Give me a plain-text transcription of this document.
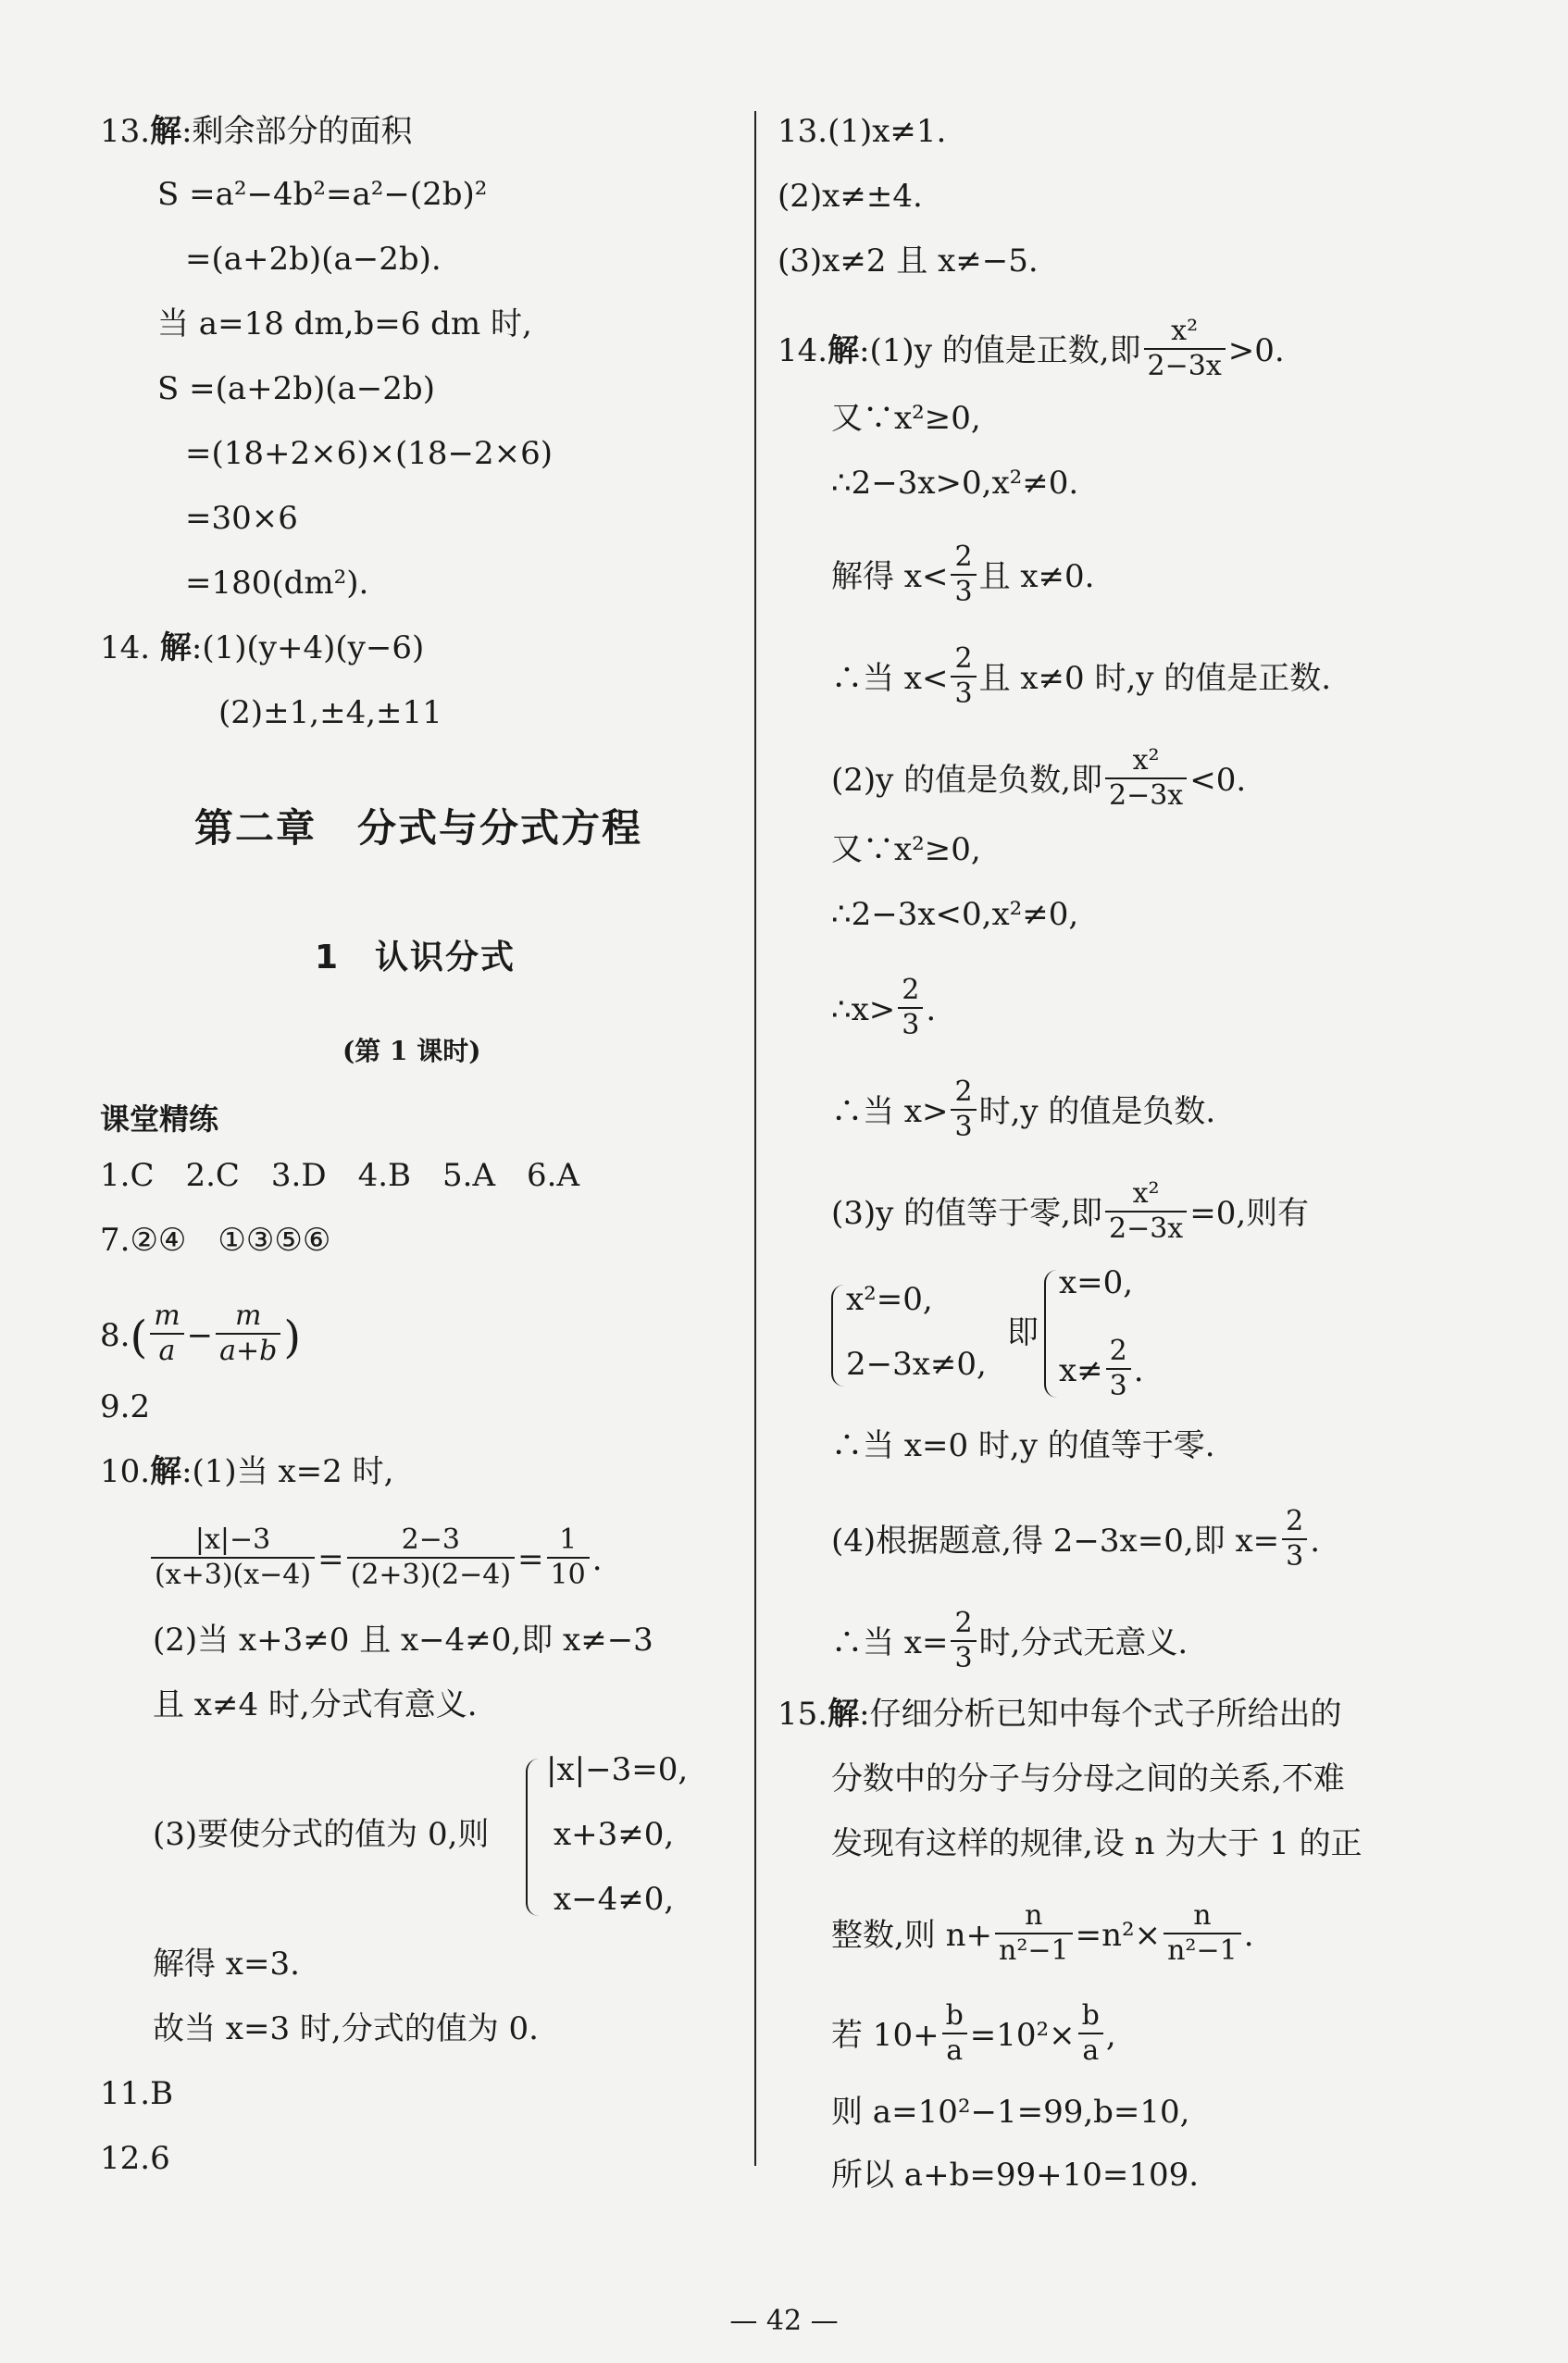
13.解:剩余部分的面积
S =a²−4b²=a²−(2b)²
=(a+2b)(a−2b).
当 a=18 dm,b=6 dm 时,
S =(a+2b)(a−2b)
=(18+2×6)×(18−2×6)
=30×6
=180(dm²).
14. 解:(1)(y+4)(y−6)
(2)±1,±4,±11
第二章　分式与分式方程
1　认识分式
(第 1 课时)
课堂精练
1.C　2.C　3.D　4.B　5.A　6.A
7.②④　①③⑤⑥
$8.( \frac{m}{a} - \frac{m}{a+b}$ )
9.2
10.解:(1)当 x=2 时,
$\frac{|x|-3}{(x+3)(x-4)} = \frac{2-3}{(2+3)(2-4)} = \frac{1}{10}$ .
(2)当 x+3≠0 且 x−4≠0,即 x≠−3
且 x≠4 时,分式有意义.
(3)要使分式的值为 0,则
|x|−3=0,
x+3≠0,
x−4≠0,
解得 x=3.
故当 x=3 时,分式的值为 0.
11.B
12.6
13.(1)x≠1.
(2)x≠±4.
(3)x≠2 且 x≠−5.
14.解:(1)y 的值是正数,即 $\frac{\text{x²}}{2-3x} >0$.
又∵x²≥0,
∴2−3x>0,x²≠0.
解得 $x< \frac{2}{3}$ 且 x≠0.
∴当 $x< \frac{2}{3}$ 且 x≠0 时,y 的值是正数.
(2)y 的值是负数,即 $\frac{\text{x²}}{2-3x} <0$.
又∵x²≥0,
∴2−3x<0,x²≠0,
∴x> $\frac{2}{3}$ .
∴当 $x> \frac{2}{3}$ 时,y 的值是负数.
(3)y 的值等于零,即 $\frac{\text{x²}}{2-3x} =0$,则有
x²=0,
2−3x≠0,
即
x=0,
$x\ne \frac{2}{3}$ .
∴当 x=0 时,y 的值等于零.
(4)根据题意,得 2−3x=0,即 $x= \frac{2}{3}$ .
∴当 $x= \frac{2}{3}$ 时,分式无意义.
15.解:仔细分析已知中每个式子所给出的
分数中的分子与分母之间的关系,不难
发现有这样的规律,设 n 为大于 1 的正
整数,则 $n+ \frac{n}{\text{n²−1}} =n^2\times \frac{n}{\text{n²−1}}$ .
若 $10+ \frac{b}{a} =10^2\times \frac{b}{a}$ ,
则 a=10²−1=99,b=10,
所以 a+b=99+10=109.
— 42 —
